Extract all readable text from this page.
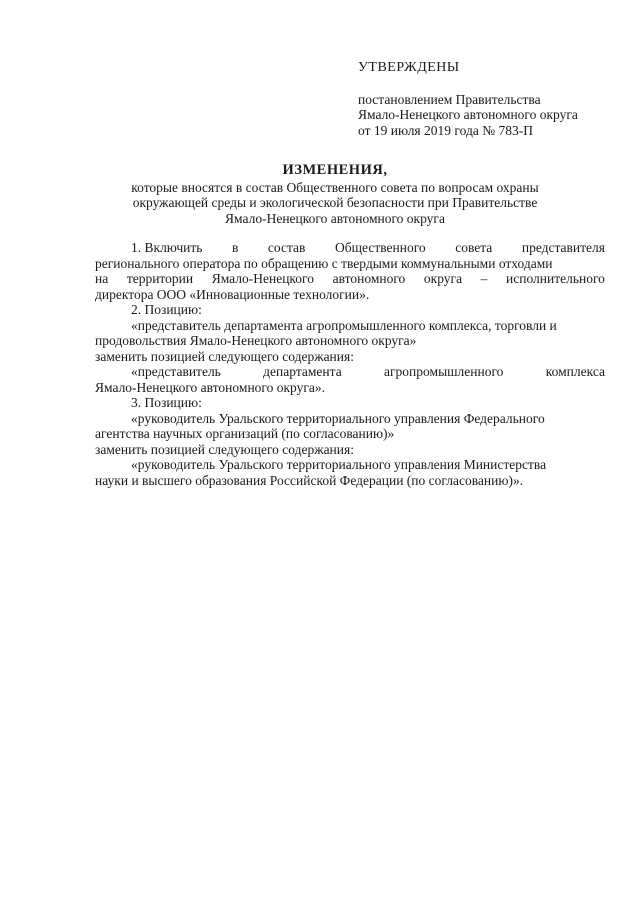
УТВЕРЖДЕНЫ
постановлением Правительства
Ямало-Ненецкого автономного округа
от 19 июля 2019 года № 783-П
ИЗМЕНЕНИЯ,
которые вносятся в состав Общественного совета по вопросам охраны
окружающей среды и экологической безопасности при Правительстве
Ямало-Ненецкого автономного округа
1. Включить в состав Общественного совета представителя
регионального оператора по обращению с твердыми коммунальными отходами
на территории Ямало-Ненецкого автономного округа – исполнительного
директора ООО «Инновационные технологии».
2. Позицию:
«представитель департамента агропромышленного комплекса, торговли и
продовольствия Ямало-Ненецкого автономного округа»
заменить позицией следующего содержания:
«представитель	департамента	агропромышленного	комплекса
Ямало-Ненецкого автономного округа».
3. Позицию:
«руководитель Уральского территориального управления Федерального
агентства научных организаций (по согласованию)»
заменить позицией следующего содержания:
«руководитель Уральского территориального управления Министерства
науки и высшего образования Российской Федерации (по согласованию)».
